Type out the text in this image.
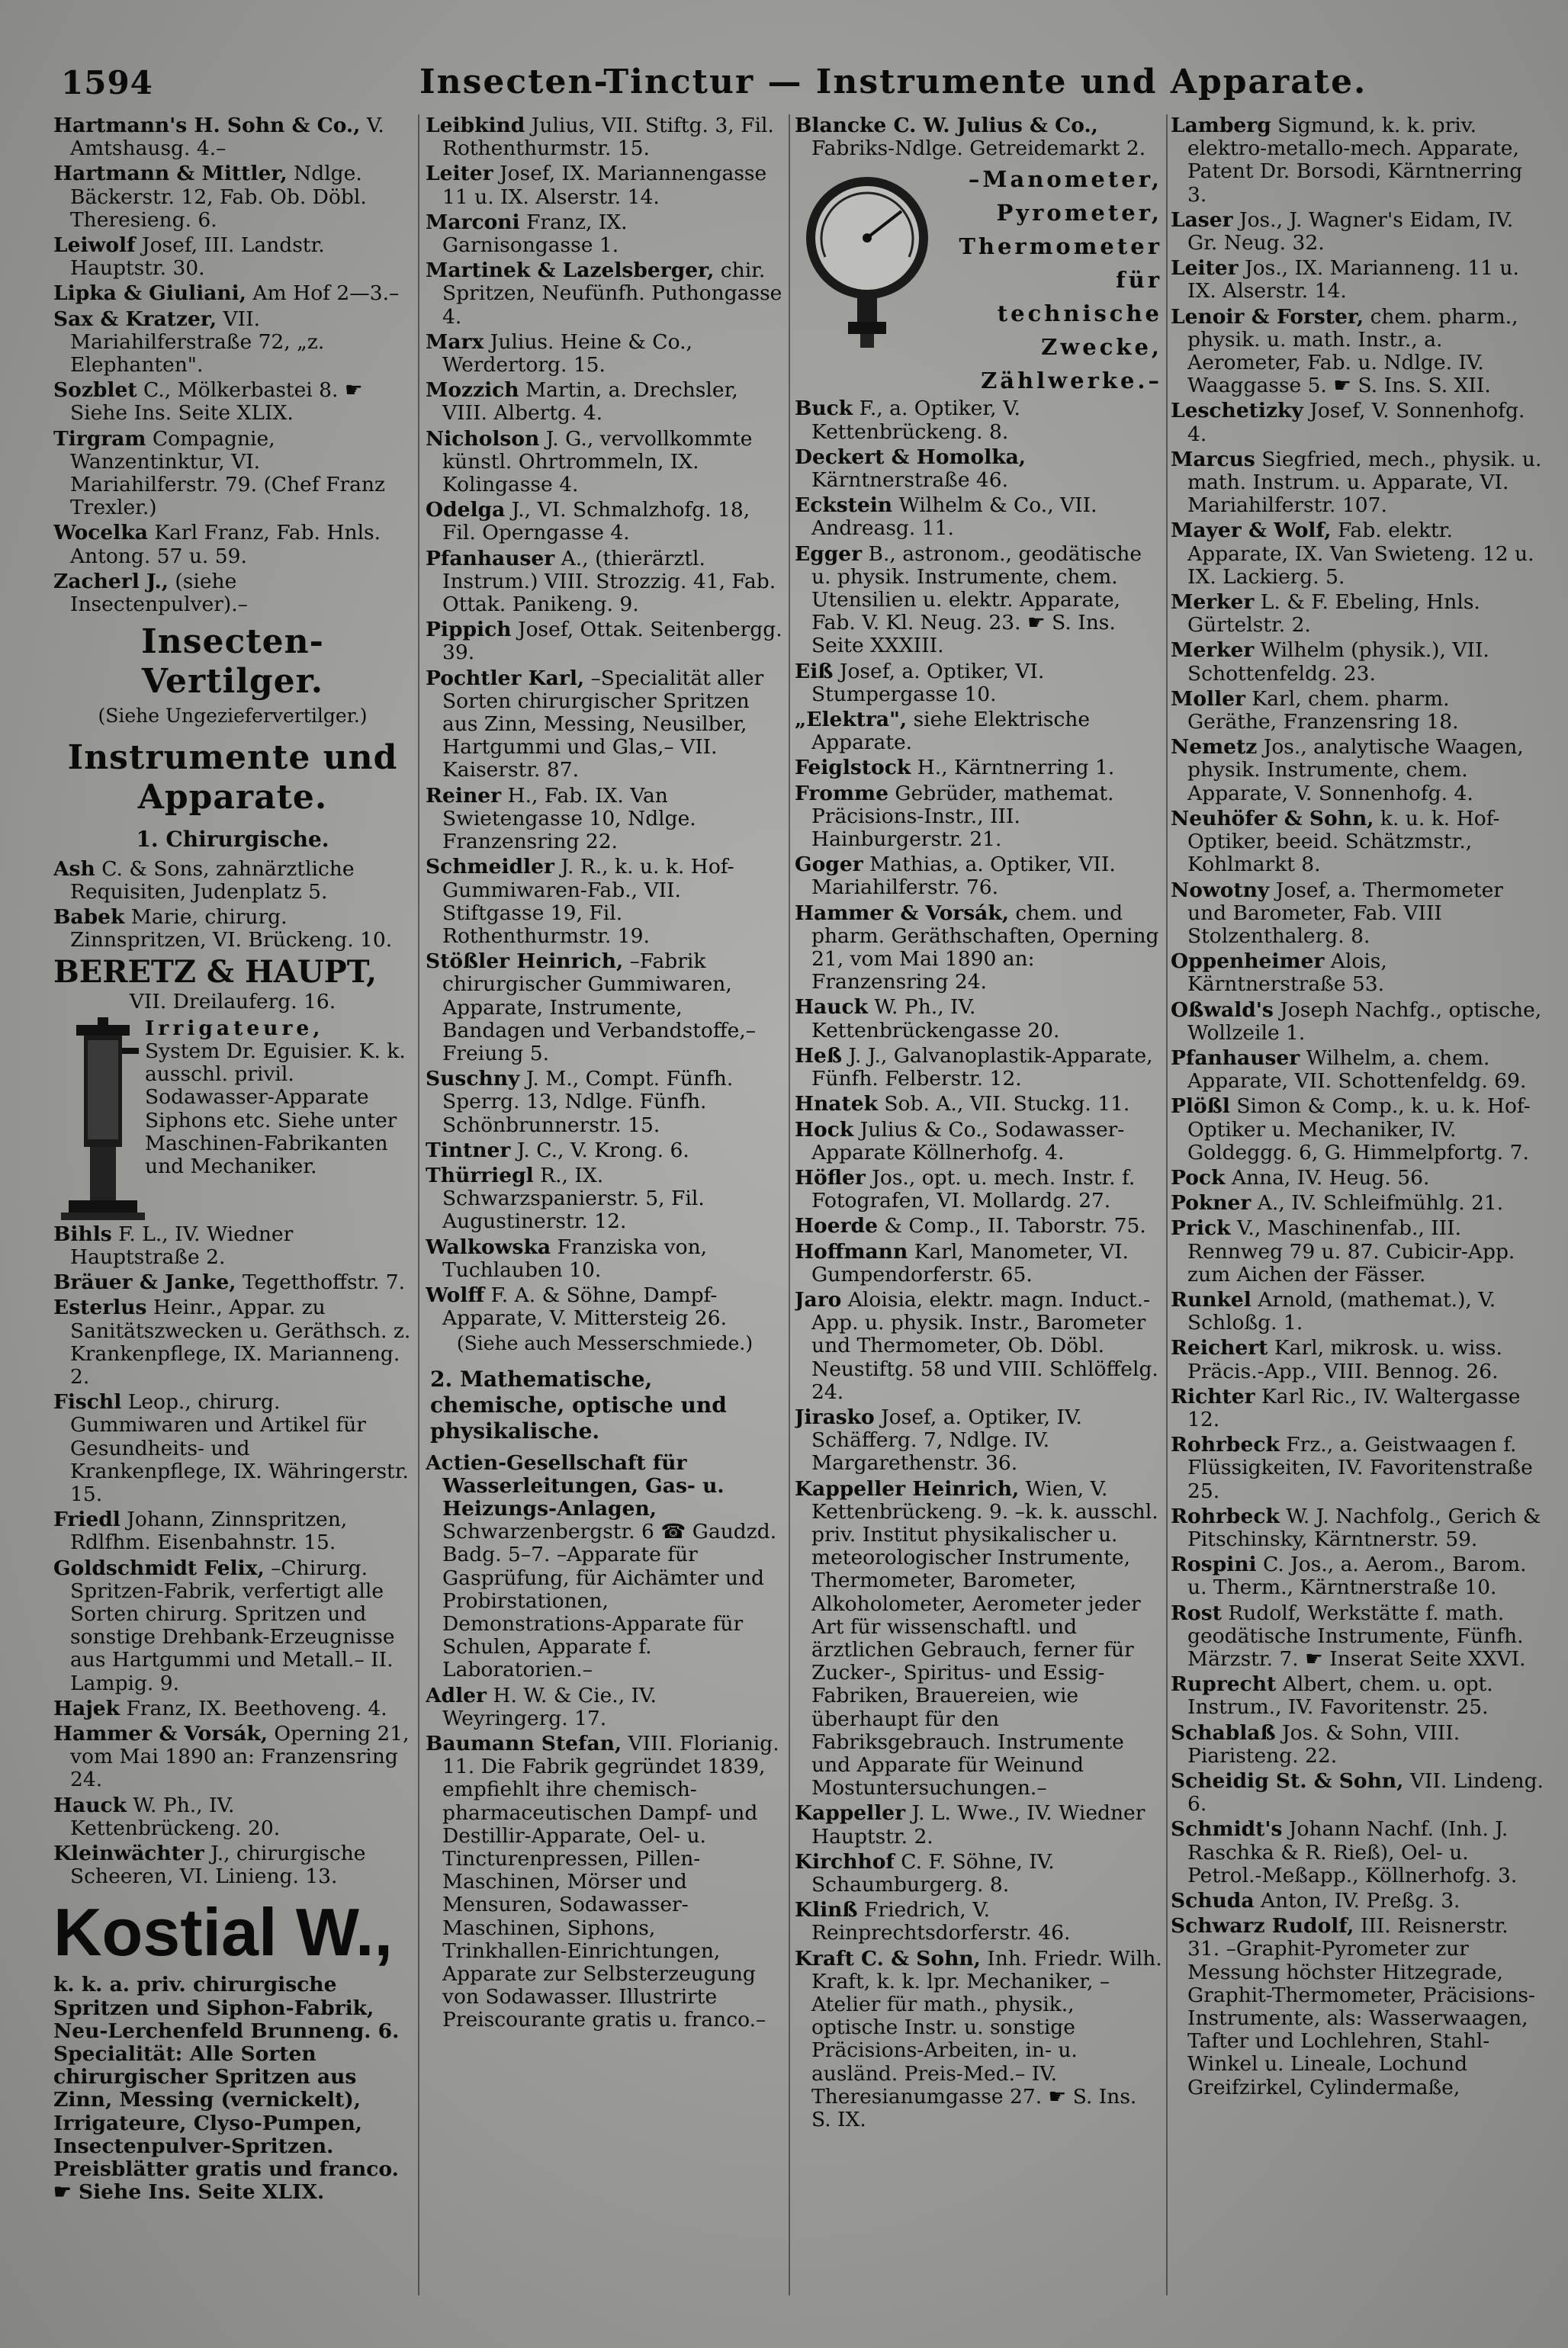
1594	Insecten-Tinctur — Instrumente und Apparate.
Hartmann's H. Sohn & Co., V. Amtshausg. 4.–
Hartmann & Mittler, Ndlge. Bäckerstr. 12, Fab. Ob. Döbl. Theresieng. 6.
Leiwolf Josef, III. Landstr. Hauptstr. 30.
Lipka & Giuliani, Am Hof 2—3.–
Sax & Kratzer, VII. Mariahilferstraße 72, „z. Elephanten".
Sozblet C., Mölkerbastei 8. ☛ Siehe Ins. Seite XLIX.
Tirgram Compagnie, Wanzentinktur, VI. Mariahilferstr. 79. (Chef Franz Trexler.)
Wocelka Karl Franz, Fab. Hnls. Antong. 57 u. 59.
Zacherl J., (siehe Insectenpulver).–
Insecten-Vertilger.
(Siehe Ungeziefervertilger.)
Instrumente und Apparate.
1. Chirurgische.
Ash C. & Sons, zahnärztliche Requisiten, Judenplatz 5.
Babek Marie, chirurg. Zinnspritzen, VI. Brückeng. 10.
BERETZ & HAUPT,
VII. Dreilauferg. 16.
Irrigateure,
System Dr. Eguisier. K. k. ausschl. privil. Sodawasser-Apparate Siphons etc. Siehe unter Maschinen-Fabrikanten und Mechaniker.
Bihls F. L., IV. Wiedner Hauptstraße 2.
Bräuer & Janke, Tegetthoffstr. 7.
Esterlus Heinr., Appar. zu Sanitätszwecken u. Geräthsch. z. Krankenpflege, IX. Marianneng. 2.
Fischl Leop., chirurg. Gummiwaren und Artikel für Gesundheits- und Krankenpflege, IX. Währingerstr. 15.
Friedl Johann, Zinnspritzen, Rdlfhm. Eisenbahnstr. 15.
Goldschmidt Felix, –Chirurg. Spritzen-Fabrik, verfertigt alle Sorten chirurg. Spritzen und sonstige Drehbank-Erzeugnisse aus Hartgummi und Metall.– II. Lampig. 9.
Hajek Franz, IX. Beethoveng. 4.
Hammer & Vorsák, Operning 21, vom Mai 1890 an: Franzensring 24.
Hauck W. Ph., IV. Kettenbrückeng. 20.
Kleinwächter J., chirurgische Scheeren, VI. Linieng. 13.
Kostial W.,
k. k. a. priv. chirurgische Spritzen und Siphon-Fabrik, Neu-Lerchenfeld Brunneng. 6. Specialität: Alle Sorten chirurgischer Spritzen aus Zinn, Messing (vernickelt), Irrigateure, Clyso-Pumpen, Insectenpulver-Spritzen. Preisblätter gratis und franco. ☛ Siehe Ins. Seite XLIX.
Leibkind Julius, VII. Stiftg. 3, Fil. Rothenthurmstr. 15.
Leiter Josef, IX. Mariannengasse 11 u. IX. Alserstr. 14.
Marconi Franz, IX. Garnisongasse 1.
Martinek & Lazelsberger, chir. Spritzen, Neufünfh. Puthongasse 4.
Marx Julius. Heine & Co., Werdertorg. 15.
Mozzich Martin, a. Drechsler, VIII. Albertg. 4.
Nicholson J. G., vervollkommte künstl. Ohrtrommeln, IX. Kolingasse 4.
Odelga J., VI. Schmalzhofg. 18, Fil. Operngasse 4.
Pfanhauser A., (thierärztl. Instrum.) VIII. Strozzig. 41, Fab. Ottak. Panikeng. 9.
Pippich Josef, Ottak. Seitenbergg. 39.
Pochtler Karl, –Specialität aller Sorten chirurgischer Spritzen aus Zinn, Messing, Neusilber, Hartgummi und Glas,– VII. Kaiserstr. 87.
Reiner H., Fab. IX. Van Swietengasse 10, Ndlge. Franzensring 22.
Schmeidler J. R., k. u. k. Hof-Gummiwaren-Fab., VII. Stiftgasse 19, Fil. Rothenthurmstr. 19.
Stößler Heinrich, –Fabrik chirurgischer Gummiwaren, Apparate, Instrumente, Bandagen und Verbandstoffe,– Freiung 5.
Suschny J. M., Compt. Fünfh. Sperrg. 13, Ndlge. Fünfh. Schönbrunnerstr. 15.
Tintner J. C., V. Krong. 6.
Thürriegl R., IX. Schwarzspanierstr. 5, Fil. Augustinerstr. 12.
Walkowska Franziska von, Tuchlauben 10.
Wolff F. A. & Söhne, Dampf-Apparate, V. Mittersteig 26.
(Siehe auch Messerschmiede.)
2. Mathematische, chemische, optische und physikalische.
Actien-Gesellschaft für Wasserleitungen, Gas- u. Heizungs-Anlagen, Schwarzenbergstr. 6 ☎ Gaudzd. Badg. 5–7. –Apparate für Gasprüfung, für Aichämter und Probirstationen, Demonstrations-Apparate für Schulen, Apparate f. Laboratorien.–
Adler H. W. & Cie., IV. Weyringerg. 17.
Baumann Stefan, VIII. Florianig. 11. Die Fabrik gegründet 1839, empfiehlt ihre chemisch-pharmaceutischen Dampf- und Destillir-Apparate, Oel- u. Tincturenpressen, Pillen-Maschinen, Mörser und Mensuren, Sodawasser-Maschinen, Siphons, Trinkhallen-Einrichtungen, Apparate zur Selbsterzeugung von Sodawasser. Illustrirte Preiscourante gratis u. franco.–
Blancke C. W. Julius & Co., Fabriks-Ndlge. Getreidemarkt 2.
–Manometer,
Pyrometer,
Thermometer
für
technische
Zwecke,
Zählwerke.–
Buck F., a. Optiker, V. Kettenbrückeng. 8.
Deckert & Homolka, Kärntnerstraße 46.
Eckstein Wilhelm & Co., VII. Andreasg. 11.
Egger B., astronom., geodätische u. physik. Instrumente, chem. Utensilien u. elektr. Apparate, Fab. V. Kl. Neug. 23. ☛ S. Ins. Seite XXXIII.
Eiß Josef, a. Optiker, VI. Stumpergasse 10.
„Elektra", siehe Elektrische Apparate.
Feiglstock H., Kärntnerring 1.
Fromme Gebrüder, mathemat. Präcisions-Instr., III. Hainburgerstr. 21.
Goger Mathias, a. Optiker, VII. Mariahilferstr. 76.
Hammer & Vorsák, chem. und pharm. Geräthschaften, Operning 21, vom Mai 1890 an: Franzensring 24.
Hauck W. Ph., IV. Kettenbrückengasse 20.
Heß J. J., Galvanoplastik-Apparate, Fünfh. Felberstr. 12.
Hnatek Sob. A., VII. Stuckg. 11.
Hock Julius & Co., Sodawasser-Apparate Köllnerhofg. 4.
Höfler Jos., opt. u. mech. Instr. f. Fotografen, VI. Mollardg. 27.
Hoerde & Comp., II. Taborstr. 75.
Hoffmann Karl, Manometer, VI. Gumpendorferstr. 65.
Jaro Aloisia, elektr. magn. Induct.-App. u. physik. Instr., Barometer und Thermometer, Ob. Döbl. Neustiftg. 58 und VIII. Schlöffelg. 24.
Jirasko Josef, a. Optiker, IV. Schäfferg. 7, Ndlge. IV. Margarethenstr. 36.
Kappeller Heinrich, Wien, V. Kettenbrückeng. 9. –k. k. ausschl. priv. Institut physikalischer u. meteorologischer Instrumente, Thermometer, Barometer, Alkoholometer, Aerometer jeder Art für wissenschaftl. und ärztlichen Gebrauch, ferner für Zucker-, Spiritus- und Essig-Fabriken, Brauereien, wie überhaupt für den Fabriksgebrauch. Instrumente und Apparate für Weinund Mostuntersuchungen.–
Kappeller J. L. Wwe., IV. Wiedner Hauptstr. 2.
Kirchhof C. F. Söhne, IV. Schaumburgerg. 8.
Klinß Friedrich, V. Reinprechtsdorferstr. 46.
Kraft C. & Sohn, Inh. Friedr. Wilh. Kraft, k. k. lpr. Mechaniker, –Atelier für math., physik., optische Instr. u. sonstige Präcisions-Arbeiten, in- u. ausländ. Preis-Med.– IV. Theresianumgasse 27. ☛ S. Ins. S. IX.
Lamberg Sigmund, k. k. priv. elektro-metallo-mech. Apparate, Patent Dr. Borsodi, Kärntnerring 3.
Laser Jos., J. Wagner's Eidam, IV. Gr. Neug. 32.
Leiter Jos., IX. Marianneng. 11 u. IX. Alserstr. 14.
Lenoir & Forster, chem. pharm., physik. u. math. Instr., a. Aerometer, Fab. u. Ndlge. IV. Waaggasse 5. ☛ S. Ins. S. XII.
Leschetizky Josef, V. Sonnenhofg. 4.
Marcus Siegfried, mech., physik. u. math. Instrum. u. Apparate, VI. Mariahilferstr. 107.
Mayer & Wolf, Fab. elektr. Apparate, IX. Van Swieteng. 12 u. IX. Lackierg. 5.
Merker L. & F. Ebeling, Hnls. Gürtelstr. 2.
Merker Wilhelm (physik.), VII. Schottenfeldg. 23.
Moller Karl, chem. pharm. Geräthe, Franzensring 18.
Nemetz Jos., analytische Waagen, physik. Instrumente, chem. Apparate, V. Sonnenhofg. 4.
Neuhöfer & Sohn, k. u. k. Hof-Optiker, beeid. Schätzmstr., Kohlmarkt 8.
Nowotny Josef, a. Thermometer und Barometer, Fab. VIII Stolzenthalerg. 8.
Oppenheimer Alois, Kärntnerstraße 53.
Oßwald's Joseph Nachfg., optische, Wollzeile 1.
Pfanhauser Wilhelm, a. chem. Apparate, VII. Schottenfeldg. 69.
Plößl Simon & Comp., k. u. k. Hof-Optiker u. Mechaniker, IV. Goldeggg. 6, G. Himmelpfortg. 7.
Pock Anna, IV. Heug. 56.
Pokner A., IV. Schleifmühlg. 21.
Prick V., Maschinenfab., III. Rennweg 79 u. 87. Cubicir-App. zum Aichen der Fässer.
Runkel Arnold, (mathemat.), V. Schloßg. 1.
Reichert Karl, mikrosk. u. wiss. Präcis.-App., VIII. Bennog. 26.
Richter Karl Ric., IV. Waltergasse 12.
Rohrbeck Frz., a. Geistwaagen f. Flüssigkeiten, IV. Favoritenstraße 25.
Rohrbeck W. J. Nachfolg., Gerich & Pitschinsky, Kärntnerstr. 59.
Rospini C. Jos., a. Aerom., Barom. u. Therm., Kärntnerstraße 10.
Rost Rudolf, Werkstätte f. math. geodätische Instrumente, Fünfh. Märzstr. 7. ☛ Inserat Seite XXVI.
Ruprecht Albert, chem. u. opt. Instrum., IV. Favoritenstr. 25.
Schablaß Jos. & Sohn, VIII. Piaristeng. 22.
Scheidig St. & Sohn, VII. Lindeng. 6.
Schmidt's Johann Nachf. (Inh. J. Raschka & R. Rieß), Oel- u. Petrol.-Meßapp., Köllnerhofg. 3.
Schuda Anton, IV. Preßg. 3.
Schwarz Rudolf, III. Reisnerstr. 31. –Graphit-Pyrometer zur Messung höchster Hitzegrade, Graphit-Thermometer, Präcisions-Instrumente, als: Wasserwaagen, Tafter und Lochlehren, Stahl-Winkel u. Lineale, Lochund Greifzirkel, Cylindermaße,
